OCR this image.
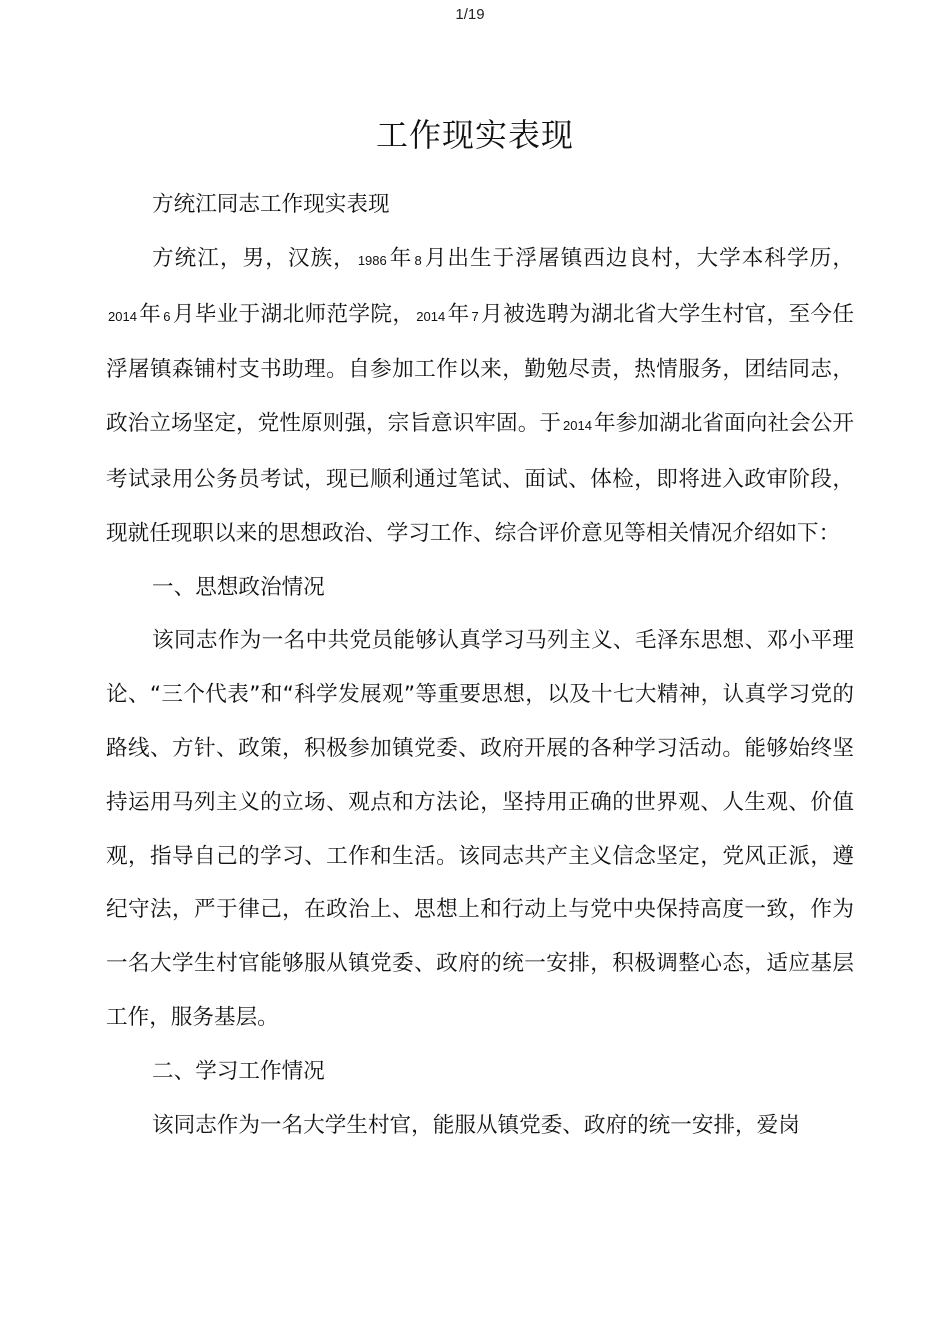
1/19
工作现实表现

方统江同志工作现实表现

方统江，男，汉族， 1986年 8月出生于浮屠镇西边良村，大学本科学历，2014年 6月毕业于湖北师范学院， 2014年 7月被选聘为湖北省大学生村官，至今任浮屠镇森铺村支书助理。自参加工作以来，勤勉尽责，热情服务，团结同志，政治立场坚定，党性原则强，宗旨意识牢固。于 2014年参加湖北省面向社会公开考试录用公务员考试，现已顺利通过笔试、面试、体检，即将进入政审阶段，现就任现职以来的思想政治、学习工作、综合评价意见等相关情况介绍如下：

一、思想政治情况

该同志作为一名中共党员能够认真学习马列主义、毛泽东思想、邓小平理论、“三个代表”和“科学发展观”等重要思想，以及十七大精神，认真学习党的路线、方针、政策，积极参加镇党委、政府开展的各种学习活动。能够始终坚持运用马列主义的立场、观点和方法论，坚持用正确的世界观、人生观、价值观，指导自己的学习、工作和生活。该同志共产主义信念坚定，党风正派，遵纪守法，严于律己，在政治上、思想上和行动上与党中央保持高度一致，作为一名大学生村官能够服从镇党委、政府的统一安排，积极调整心态，适应基层工作，服务基层。

二、学习工作情况

该同志作为一名大学生村官，能服从镇党委、政府的统一安排，爱岗
